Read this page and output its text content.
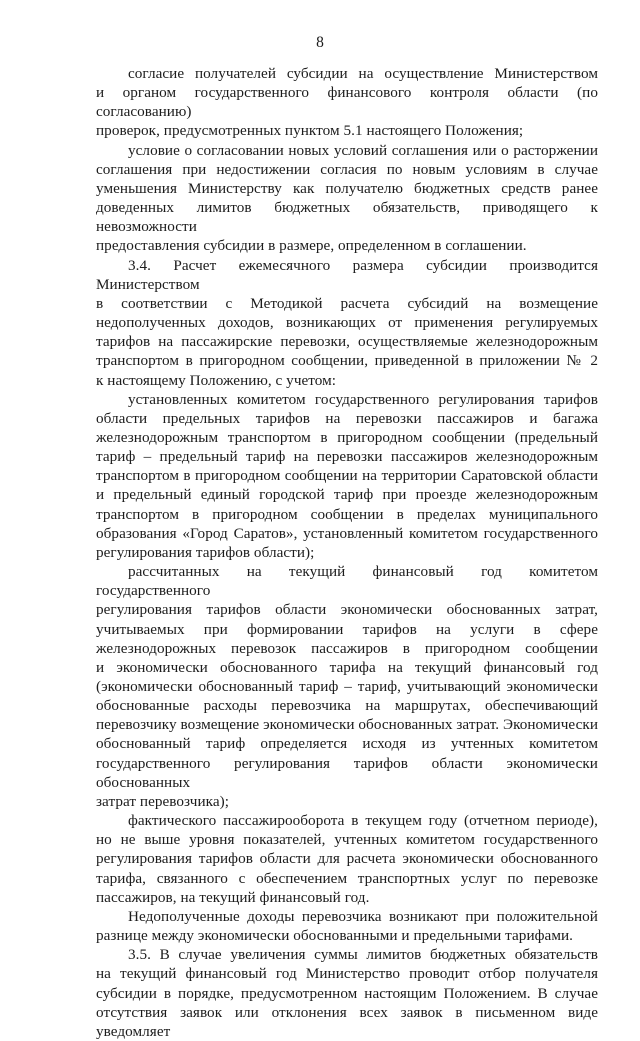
8

согласие получателей субсидии на осуществление Министерством

и органом государственного финансового контроля области (по согласованию)

проверок, предусмотренных пунктом 5.1 настоящего Положения;

условие о согласовании новых условий соглашения или о расторжении

соглашения при недостижении согласия по новым условиям в случае

уменьшения Министерству как получателю бюджетных средств ранее

доведенных лимитов бюджетных обязательств, приводящего к невозможности

предоставления субсидии в размере, определенном в соглашении.

3.4. Расчет ежемесячного размера субсидии производится Министерством

в соответствии с Методикой расчета субсидий на возмещение

недополученных доходов, возникающих от применения регулируемых

тарифов на пассажирские перевозки, осуществляемые железнодорожным

транспортом в пригородном сообщении, приведенной в приложении № 2

к настоящему Положению, с учетом:

установленных комитетом государственного регулирования тарифов

области предельных тарифов на перевозки пассажиров и багажа

железнодорожным транспортом в пригородном сообщении (предельный

тариф – предельный тариф на перевозки пассажиров железнодорожным

транспортом в пригородном сообщении на территории Саратовской области

и предельный единый городской тариф при проезде железнодорожным

транспортом в пригородном сообщении в пределах муниципального

образования «Город Саратов», установленный комитетом государственного

регулирования тарифов области);

рассчитанных на текущий финансовый год комитетом государственного

регулирования тарифов области экономически обоснованных затрат,

учитываемых при формировании тарифов на услуги в сфере

железнодорожных перевозок пассажиров в пригородном сообщении

и экономически обоснованного тарифа на текущий финансовый год

(экономически обоснованный тариф – тариф, учитывающий экономически

обоснованные расходы перевозчика на маршрутах, обеспечивающий

перевозчику возмещение экономически обоснованных затрат. Экономически

обоснованный тариф определяется исходя из учтенных комитетом

государственного регулирования тарифов области экономически обоснованных

затрат перевозчика);

фактического пассажирооборота в текущем году (отчетном периоде),

но не выше уровня показателей, учтенных комитетом государственного

регулирования тарифов области для расчета экономически обоснованного

тарифа, связанного с обеспечением транспортных услуг по перевозке

пассажиров, на текущий финансовый год.

Недополученные доходы перевозчика возникают при положительной

разнице между экономически обоснованными и предельными тарифами.

3.5. В случае увеличения суммы лимитов бюджетных обязательств

на текущий финансовый год Министерство проводит отбор получателя

субсидии в порядке, предусмотренном настоящим Положением. В случае

отсутствия заявок или отклонения всех заявок в письменном виде уведомляет
